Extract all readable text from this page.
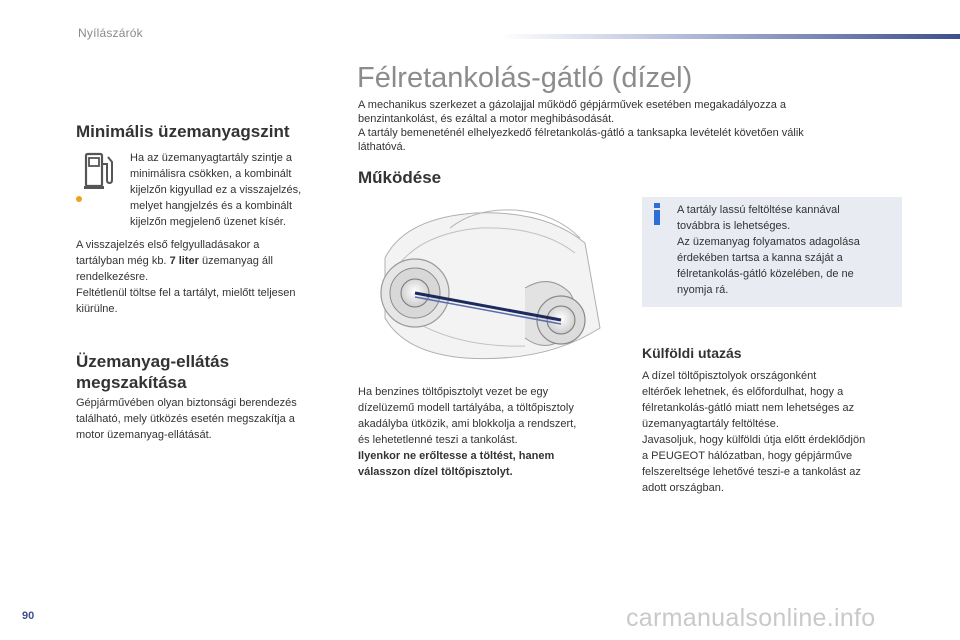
Nyílászárók
Félretankolás-gátló (dízel)
A mechanikus szerkezet a gázolajjal működő gépjárművek esetében megakadályozza a
benzintankolást, és ezáltal a motor meghibásodását.
A tartály bemeneténél elhelyezkedő félretankolás-gátló a tanksapka levételét követően válik
láthatóvá.
Minimális üzemanyagszint
Ha az üzemanyagtartály szintje a
minimálisra csökken, a kombinált
kijelzőn kigyullad ez a visszajelzés,
melyet hangjelzés és a kombinált
kijelzőn megjelenő üzenet kísér.
A visszajelzés első felgyulladásakor a
tartályban még kb. 7 liter üzemanyag áll
rendelkezésre.
Feltétlenül töltse fel a tartályt, mielőtt teljesen
kiürülne.
Üzemanyag-ellátás
megszakítása
Gépjárművében olyan biztonsági berendezés
található, mely ütközés esetén megszakítja a
motor üzemanyag-ellátását.
Működése
Ha benzines töltőpisztolyt vezet be egy
dízelüzemű modell tartályába, a töltőpisztoly
akadályba ütközik, ami blokkolja a rendszert,
és lehetetlenné teszi a tankolást.
Ilyenkor ne erőltesse a töltést, hanem
válasszon dízel töltőpisztolyt.
A tartály lassú feltöltése kannával
továbbra is lehetséges.
Az üzemanyag folyamatos adagolása
érdekében tartsa a kanna száját a
félretankolás-gátló közelében, de ne
nyomja rá.
Külföldi utazás
A dízel töltőpisztolyok országonként
eltérőek lehetnek, és előfordulhat, hogy a
félretankolás-gátló miatt nem lehetséges az
üzemanyagtartály feltöltése.
Javasoljuk, hogy külföldi útja előtt érdeklődjön
a PEUGEOT hálózatban, hogy gépjárműve
felszereltsége lehetővé teszi-e a tankolást az
adott országban.
90	carmanualsonline.info
